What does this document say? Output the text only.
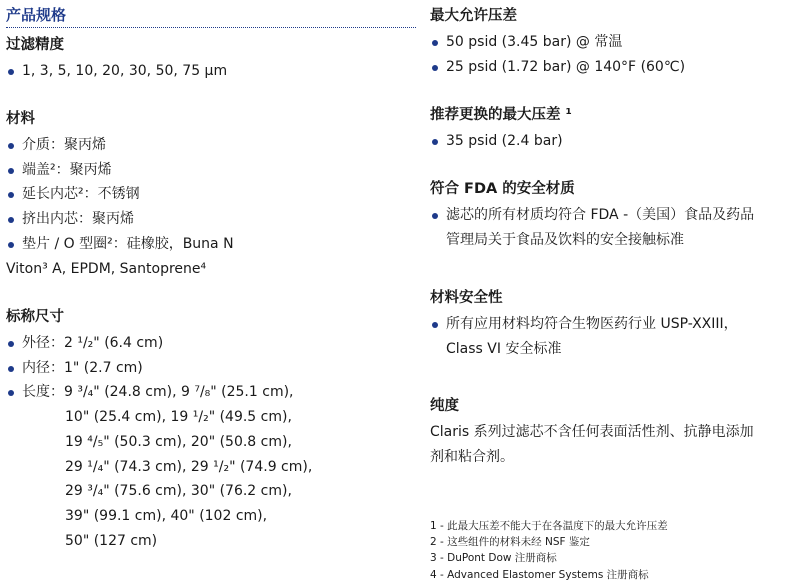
产品规格
过滤精度
1, 3, 5, 10, 20, 30, 50, 75 μm
材料
介质：聚丙烯
端盖²：聚丙烯
延长内芯²：不锈钢
挤出内芯：聚丙烯
垫片 / O 型圈²：硅橡胶，Buna N
Viton³ A, EPDM, Santoprene⁴
标称尺寸
外径：2 ¹/₂" (6.4 cm)
内径：1" (2.7 cm)
长度：9 ³/₄" (24.8 cm), 9 ⁷/₈" (25.1 cm),
10" (25.4 cm), 19 ¹/₂" (49.5 cm),
19 ⁴/₅" (50.3 cm), 20" (50.8 cm),
29 ¹/₄" (74.3 cm), 29 ¹/₂" (74.9 cm),
29 ³/₄" (75.6 cm), 30" (76.2 cm),
39" (99.1 cm), 40" (102 cm),
50" (127 cm)
最大允许压差
50 psid (3.45 bar) @ 常温
25 psid (1.72 bar) @ 140°F (60℃)
推荐更换的最大压差 ¹
35 psid (2.4 bar)
符合 FDA 的安全材质
滤芯的所有材质均符合 FDA -（美国）食品及药品
管理局关于食品及饮料的安全接触标准
材料安全性
所有应用材料均符合生物医药行业 USP-XXIII，
Class VI 安全标准
纯度
Claris 系列过滤芯不含任何表面活性剂、抗静电添加
剂和粘合剂。
1 - 此最大压差不能大于在各温度下的最大允许压差
2 - 这些组件的材料未经 NSF 鉴定
3 - DuPont Dow 注册商标
4 - Advanced Elastomer Systems 注册商标
